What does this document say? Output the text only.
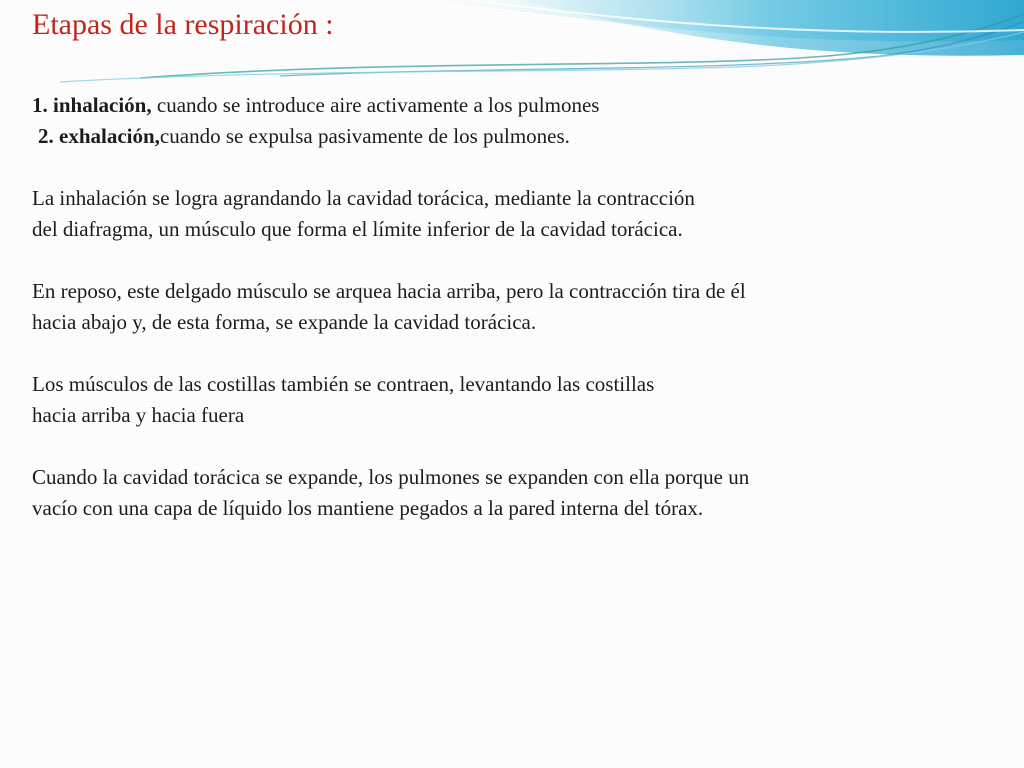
Etapas de la respiración :

1. inhalación, cuando se introduce aire activamente a los pulmones

2. exhalación,cuando se expulsa pasivamente de los pulmones.

La inhalación se logra agrandando la cavidad torácica, mediante la contracción

del diafragma, un músculo que forma el límite inferior de la cavidad torácica.

En reposo, este delgado músculo se arquea hacia arriba, pero la contracción tira de él

hacia abajo y, de esta forma, se expande la cavidad torácica.

Los músculos de las costillas también se contraen, levantando las costillas

hacia arriba y hacia fuera

Cuando la cavidad torácica se expande, los pulmones se expanden con ella porque un

vacío con una capa de líquido los mantiene pegados a la pared interna del tórax.
